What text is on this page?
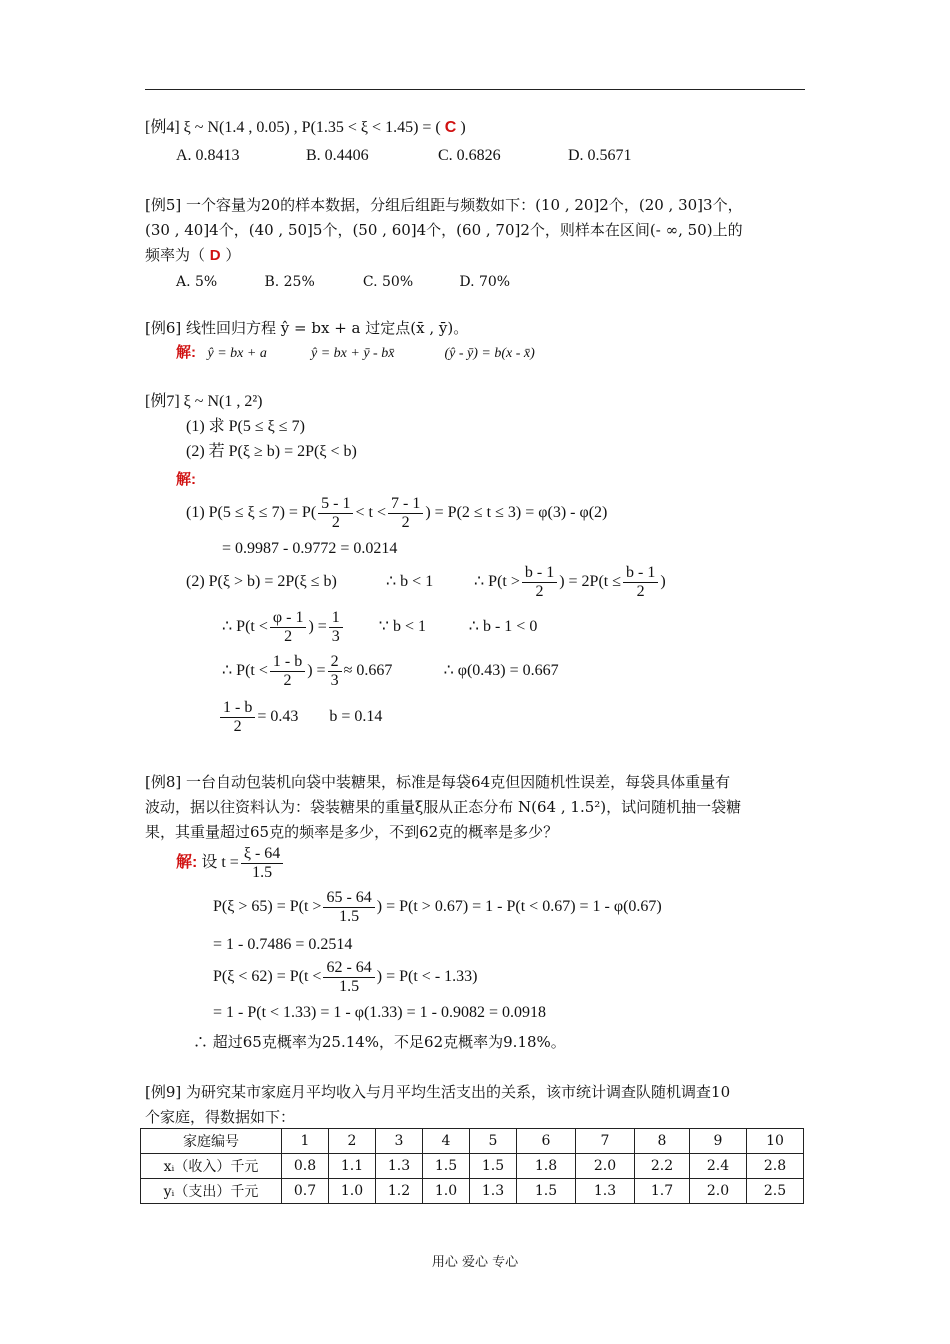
[例4] ξ ~ N(1.4 , 0.05) , P(1.35 < ξ < 1.45) = ( C )
A. 0.8413	B. 0.4406	C. 0.6826	D. 0.5671
[例5] 一个容量为20的样本数据，分组后组距与频数如下：(10 , 20]2个，(20 , 30]3个，
(30 , 40]4个，(40 , 50]5个，(50 , 60]4个，(60 , 70]2个，则样本在区间(- ∞, 50)上的
频率为（ D ）
A. 5%	B. 25%	C. 50%	D. 70%
[例6] 线性回归方程 ŷ = bx + a 过定点(x̄ , ȳ)。
解: ŷ = bx + a	ŷ = bx + ȳ - bx̄	(ŷ - ȳ) = b(x - x̄)
[例7] ξ ~ N(1 , 2²)
(1) 求 P(5 ≤ ξ ≤ 7)
(2) 若 P(ξ ≥ b) = 2P(ξ < b)
解:
(1) $P(5 \le \xi \le 7) = P( \frac{5 - 1}{2} < t < \frac{7 - 1}{2}$ ) = P(2 ≤ t ≤ 3) = φ(3) - φ(2)
= 0.9987 - 0.9772 = 0.0214
(2) P(ξ > b) = 2P(ξ ≤ b)	∴ b < 1	∴ $P(t > \frac{b - 1}{2}$ ) = $2P(t \le \frac{b - 1}{2}$ )
∴ $P(t < \frac{\varphi - 1}{2}$ ) = $\frac{1}{3}$ ∵ b < 1	∴ b - 1 < 0
∴ $P(t < \frac{1 - b}{2}$ ) = $\frac{2}{3} \approx 0.667$	∴ φ(0.43) = 0.667
$\frac{1 - b}{2} = 0.43$	b = 0.14
[例8] 一台自动包装机向袋中装糖果，标准是每袋64克但因随机性误差，每袋具体重量有
波动，据以往资料认为：袋装糖果的重量ξ服从正态分布 N(64 , 1.5²)，试问随机抽一袋糖
果，其重量超过65克的频率是多少，不到62克的概率是多少？
解: 设 $t = \frac{\xi - 64}{1.5}$
$P(\xi > 65) = P(t > \frac{65 - 64}{1.5}$ ) = P(t > 0.67) = 1 - P(t < 0.67) = 1 - φ(0.67)
= 1 - 0.7486 = 0.2514
$P(\xi < 62) = P(t < \frac{62 - 64}{1.5}$ ) = P(t < - 1.33)
= 1 - P(t < 1.33) = 1 - φ(1.33) = 1 - 0.9082 = 0.0918
∴ 超过65克概率为25.14%，不足62克概率为9.18%。
[例9] 为研究某市家庭月平均收入与月平均生活支出的关系，该市统计调查队随机调查10
个家庭，得数据如下：
家庭编号	1	2	3	4	5	6	7	8	9	10
xᵢ（收入）千元	0.8	1.1	1.3	1.5	1.5	1.8	2.0	2.2	2.4	2.8
yᵢ（支出）千元	0.7	1.0	1.2	1.0	1.3	1.5	1.3	1.7	2.0	2.5
用心 爱心 专心
